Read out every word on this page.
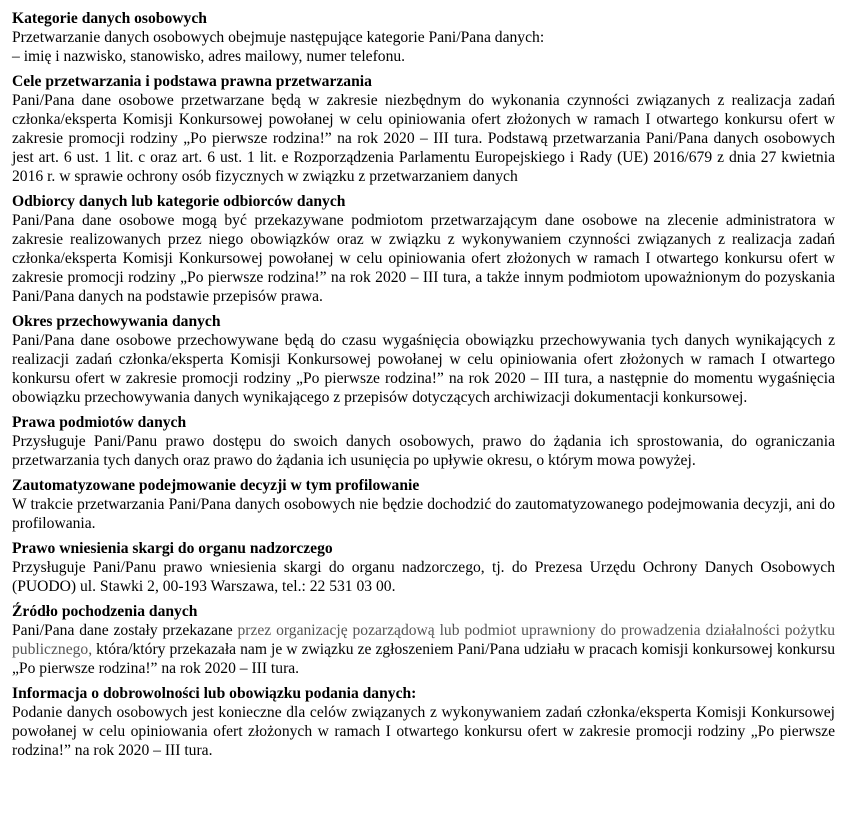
Kategorie danych osobowych

Przetwarzanie danych osobowych obejmuje następujące kategorie Pani/Pana danych:

– imię i nazwisko, stanowisko, adres mailowy, numer telefonu.

Cele przetwarzania i podstawa prawna przetwarzania

Pani/Pana dane osobowe przetwarzane będą w zakresie niezbędnym do wykonania czynności związanych z realizacja zadań członka/eksperta Komisji Konkursowej powołanej w celu opiniowania ofert złożonych w ramach I otwartego konkursu ofert w zakresie promocji rodziny „Po pierwsze rodzina!” na rok 2020 – III tura. Podstawą przetwarzania Pani/Pana danych osobowych jest art. 6 ust. 1 lit. c oraz art. 6 ust. 1 lit. e Rozporządzenia Parlamentu Europejskiego i Rady (UE) 2016/679 z dnia 27 kwietnia 2016 r. w sprawie ochrony osób fizycznych w związku z przetwarzaniem danych

Odbiorcy danych lub kategorie odbiorców danych

Pani/Pana dane osobowe mogą być przekazywane podmiotom przetwarzającym dane osobowe na zlecenie administratora w zakresie realizowanych przez niego obowiązków oraz w związku z wykonywaniem czynności związanych z realizacja zadań członka/eksperta Komisji Konkursowej powołanej w celu opiniowania ofert złożonych w ramach I otwartego konkursu ofert w zakresie promocji rodziny „Po pierwsze rodzina!” na rok 2020 – III tura, a także innym podmiotom upoważnionym do pozyskania Pani/Pana danych na podstawie przepisów prawa.

Okres przechowywania danych

Pani/Pana dane osobowe przechowywane będą do czasu wygaśnięcia obowiązku przechowywania tych danych wynikających z realizacji zadań członka/eksperta Komisji Konkursowej powołanej w celu opiniowania ofert złożonych w ramach I otwartego konkursu ofert w zakresie promocji rodziny „Po pierwsze rodzina!” na rok 2020 – III tura, a następnie do momentu wygaśnięcia obowiązku przechowywania danych wynikającego z przepisów dotyczących archiwizacji dokumentacji konkursowej.

Prawa podmiotów danych

Przysługuje Pani/Panu prawo dostępu do swoich danych osobowych, prawo do żądania ich sprostowania, do ograniczania przetwarzania tych danych oraz prawo do żądania ich usunięcia po upływie okresu, o którym mowa powyżej.

Zautomatyzowane podejmowanie decyzji w tym profilowanie

W trakcie przetwarzania Pani/Pana danych osobowych nie będzie dochodzić do zautomatyzowanego podejmowania decyzji, ani do profilowania.

Prawo wniesienia skargi do organu nadzorczego

Przysługuje Pani/Panu prawo wniesienia skargi do organu nadzorczego, tj. do Prezesa Urzędu Ochrony Danych Osobowych (PUODO) ul. Stawki 2, 00-193 Warszawa, tel.: 22 531 03 00.

Źródło pochodzenia danych

Pani/Pana dane zostały przekazane przez organizację pozarządową lub podmiot uprawniony do prowadzenia działalności pożytku publicznego, która/który przekazała nam je w związku ze zgłoszeniem Pani/Pana udziału w pracach komisji konkursowej konkursu „Po pierwsze rodzina!” na rok 2020 – III tura.

Informacja o dobrowolności lub obowiązku podania danych:

Podanie danych osobowych jest konieczne dla celów związanych z wykonywaniem zadań członka/eksperta Komisji Konkursowej powołanej w celu opiniowania ofert złożonych w ramach I otwartego konkursu ofert w zakresie promocji rodziny „Po pierwsze rodzina!” na rok 2020 – III tura.
